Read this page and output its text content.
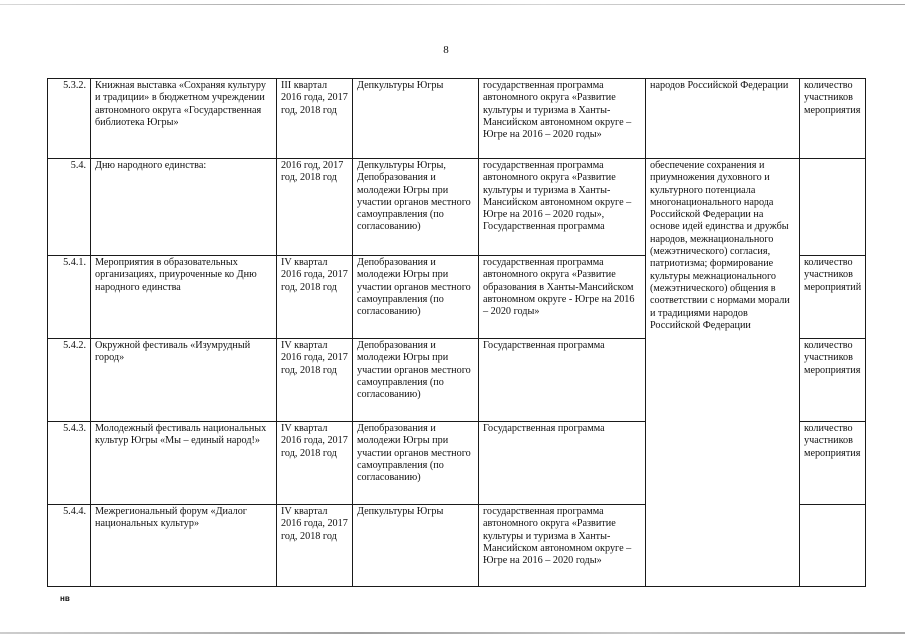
8
5.3.2.	Книжная выставка «Сохраняя культуру и традиции» в бюджетном учреждении автономного округа «Государственная библиотека Югры»	III квартал 2016 года, 2017 год, 2018 год	Депкультуры Югры	государственная программа автономного округа «Развитие культуры и туризма в Ханты-Мансийском автономном округе – Югре на 2016 – 2020 годы»	народов Российской Федерации	количество участников мероприятия	
5.4.	Дню народного единства:	2016 год, 2017 год, 2018 год	Депкультуры Югры, Депобразования и молодежи Югры при участии органов местного самоуправления (по согласованию)	государственная программа автономного округа «Развитие культуры и туризма в Ханты-Мансийском автономном округе – Югре на 2016 – 2020 годы», Государственная программа	обеспечение сохранения и приумножения духовного и культурного потенциала многонационального народа Российской Федерации на основе идей единства и дружбы народов, межнационального (межэтнического) согласия, патриотизма; формирование культуры межнационального (межэтнического) общения в соответствии с нормами морали и традициями народов Российской Федерации		
5.4.1.	Мероприятия в образовательных организациях, приуроченные ко Дню народного единства	IV квартал 2016 года, 2017 год, 2018 год	Депобразования и молодежи Югры при участии органов местного самоуправления (по согласованию)	государственная программа автономного округа «Развитие образования в Ханты-Мансийском автономном округе - Югре на 2016 – 2020 годы»		количество участников мероприятий	
5.4.2.	Окружной фестиваль «Изумрудный город»	IV квартал 2016 года, 2017 год, 2018 год	Депобразования и молодежи Югры при участии органов местного самоуправления (по согласованию)	Государственная программа		количество участников мероприятия	
5.4.3.	Молодежный фестиваль национальных культур Югры «Мы – единый народ!»	IV квартал 2016 года, 2017 год, 2018 год	Депобразования и молодежи Югры при участии органов местного самоуправления (по согласованию)	Государственная программа		количество участников мероприятия	
5.4.4.	Межрегиональный форум «Диалог национальных культур»	IV квартал 2016 года, 2017 год, 2018 год	Депкультуры Югры	государственная программа автономного округа «Развитие культуры и туризма в Ханты-Мансийском автономном округе – Югре на 2016 – 2020 годы»		
нв
